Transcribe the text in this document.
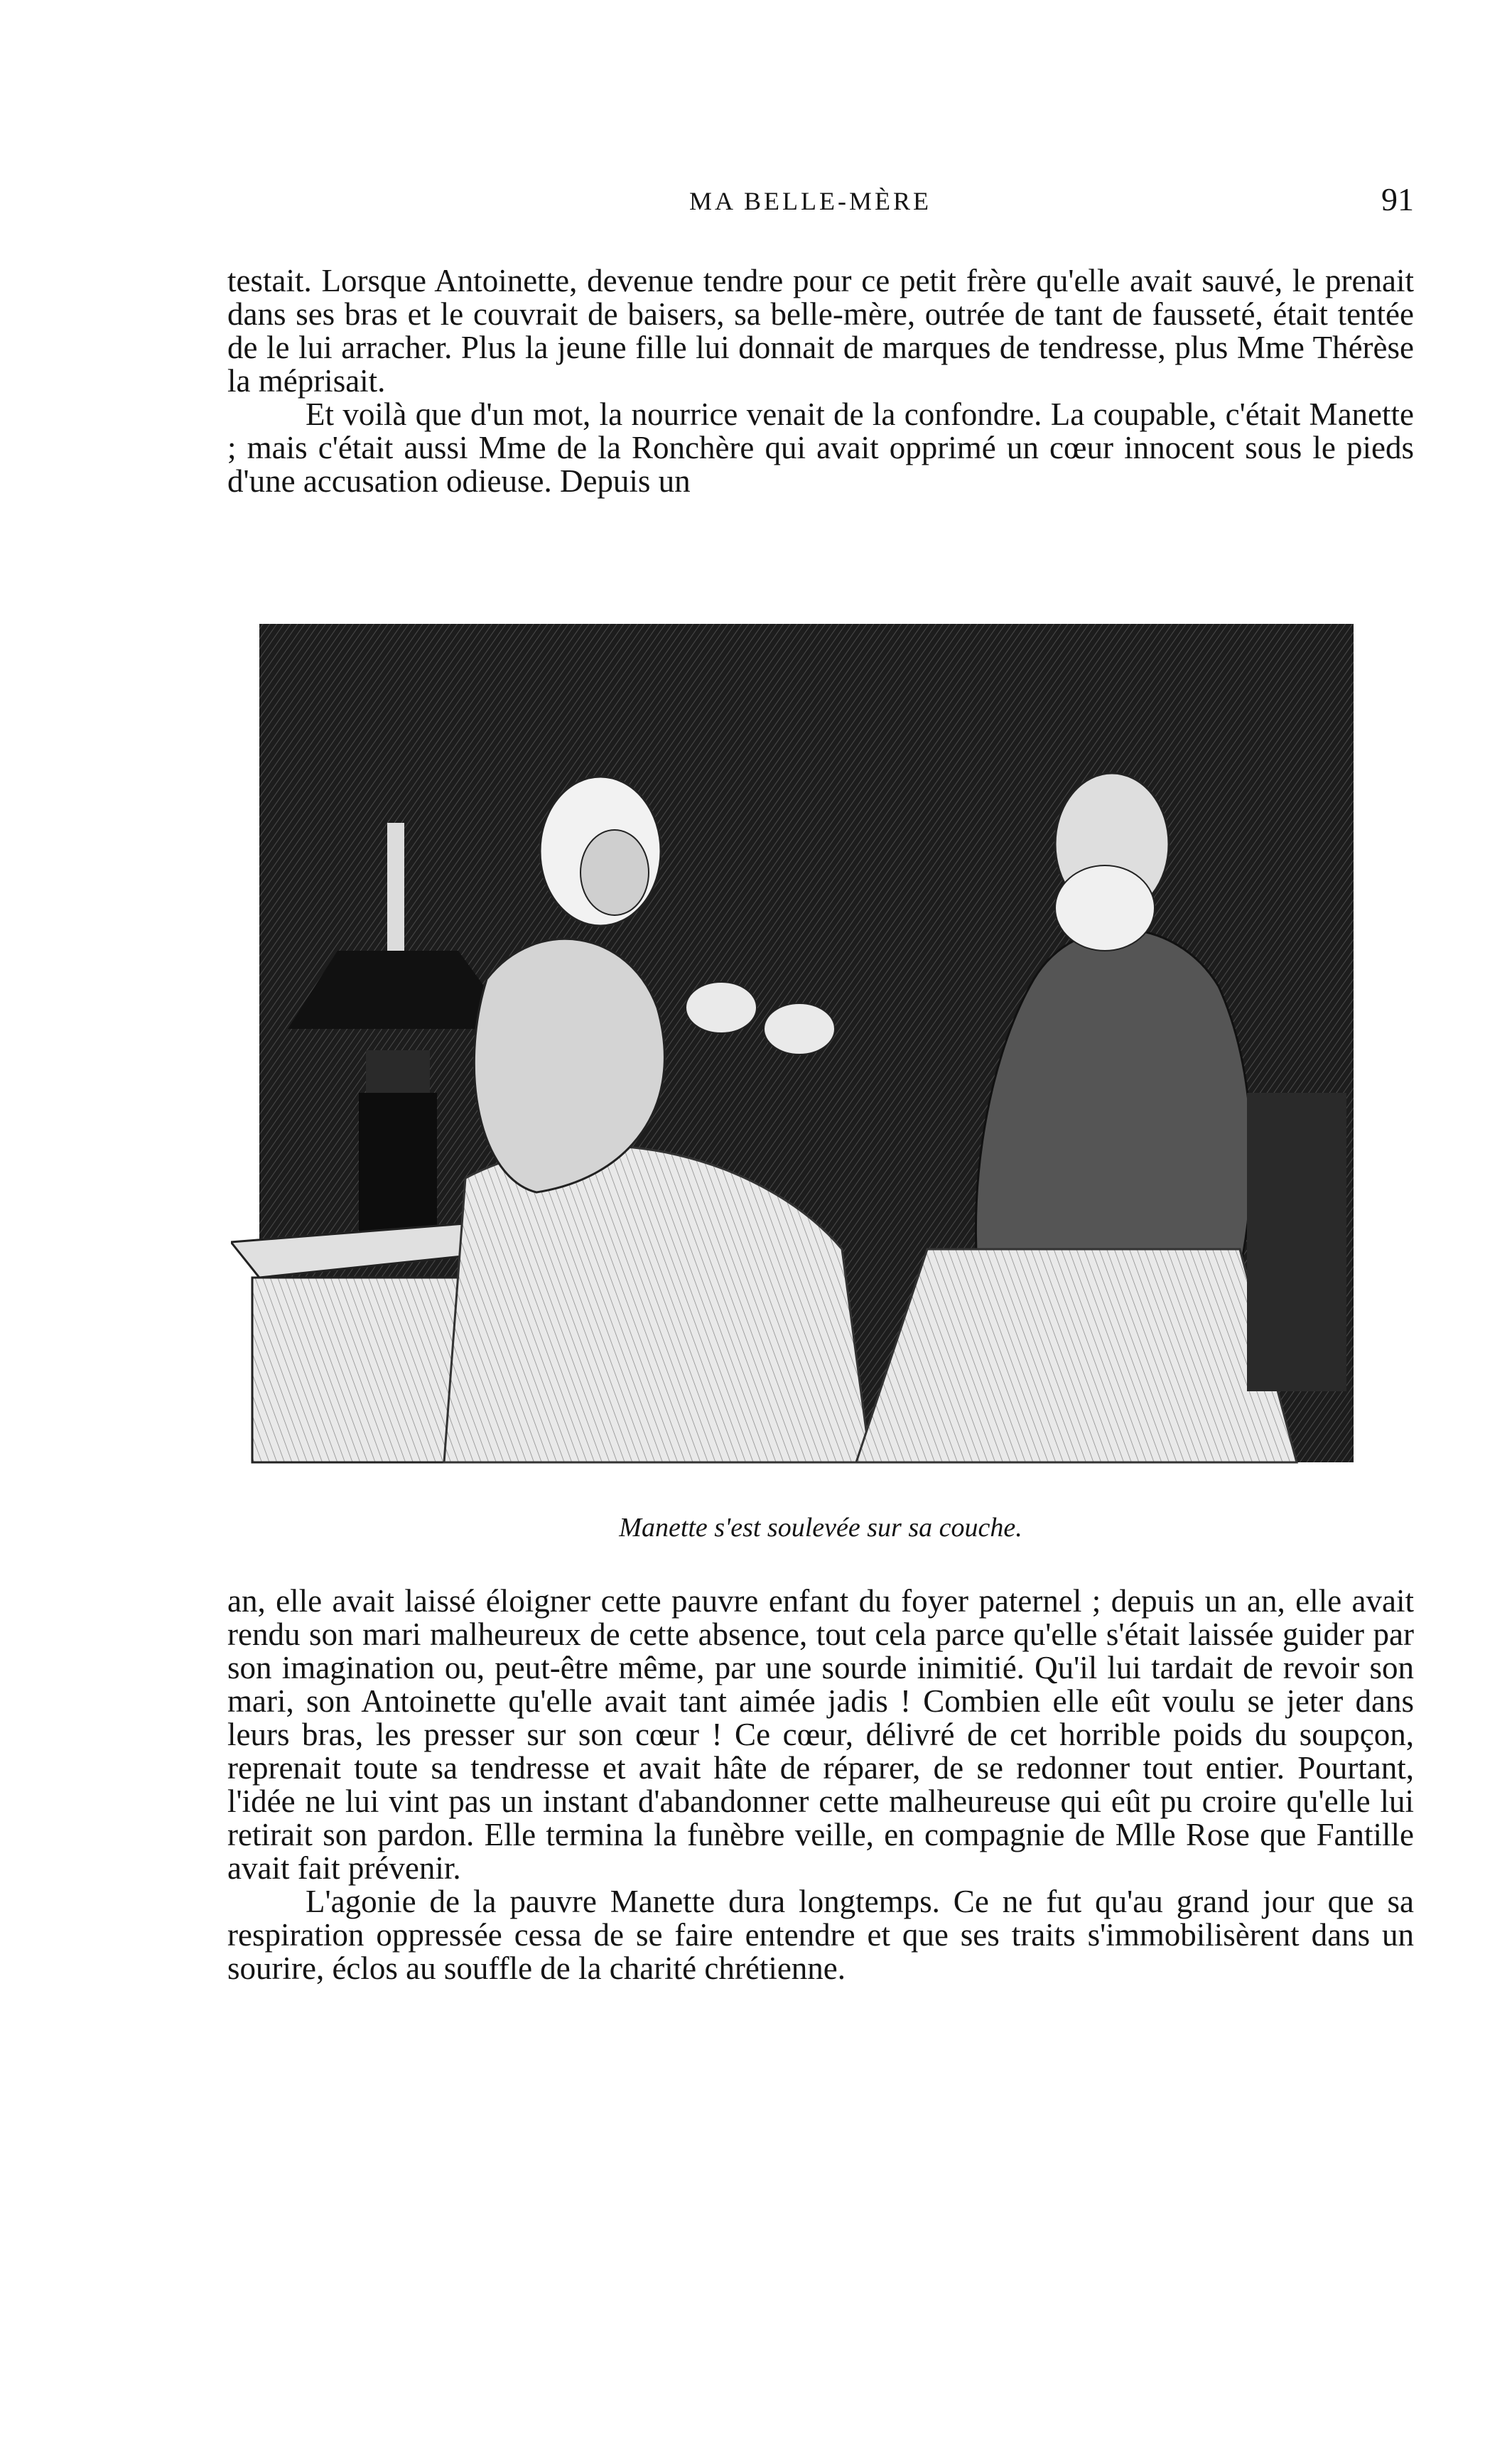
MA BELLE-MÈRE	91

testait. Lorsque Antoinette, devenue tendre pour ce petit frère qu'elle avait sauvé, le prenait dans ses bras et le couvrait de baisers, sa belle-mère, outrée de tant de fausseté, était tentée de le lui arracher. Plus la jeune fille lui donnait de marques de tendresse, plus Mme Thérèse la méprisait.

Et voilà que d'un mot, la nourrice venait de la confondre. La coupable, c'était Manette ; mais c'était aussi Mme de la Ronchère qui avait opprimé un cœur innocent sous le pieds d'une accusation odieuse. Depuis un

Manette s'est soulevée sur sa couche.

an, elle avait laissé éloigner cette pauvre enfant du foyer paternel ; depuis un an, elle avait rendu son mari malheureux de cette absence, tout cela parce qu'elle s'était laissée guider par son imagination ou, peut-être même, par une sourde inimitié. Qu'il lui tardait de revoir son mari, son Antoinette qu'elle avait tant aimée jadis ! Combien elle eût voulu se jeter dans leurs bras, les presser sur son cœur ! Ce cœur, délivré de cet horrible poids du soupçon, reprenait toute sa tendresse et avait hâte de réparer, de se redonner tout entier. Pourtant, l'idée ne lui vint pas un instant d'abandonner cette malheureuse qui eût pu croire qu'elle lui retirait son pardon. Elle termina la funèbre veille, en compagnie de Mlle Rose que Fantille avait fait prévenir.

L'agonie de la pauvre Manette dura longtemps. Ce ne fut qu'au grand jour que sa respiration oppressée cessa de se faire entendre et que ses traits s'immobilisèrent dans un sourire, éclos au souffle de la charité chrétienne.
